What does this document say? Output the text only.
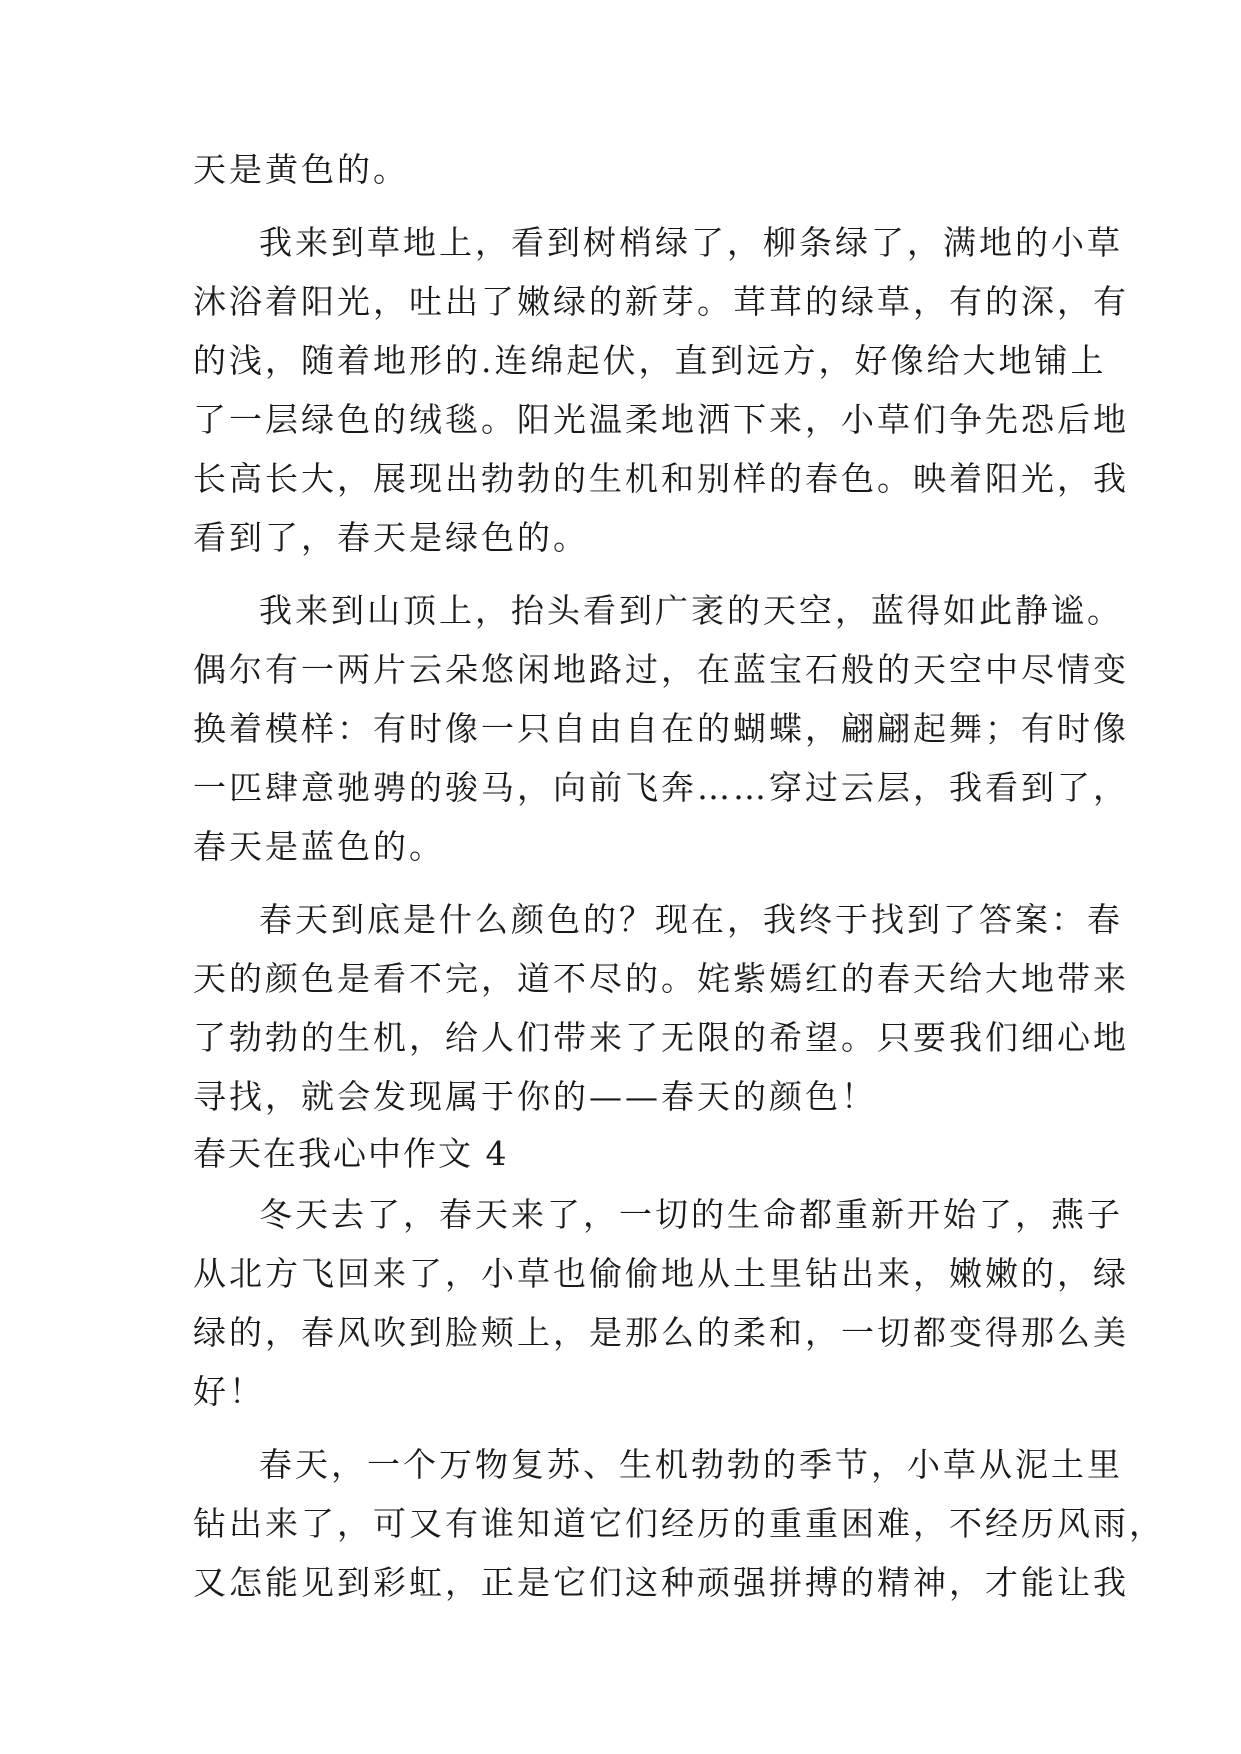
天是黄色的。
我来到草地上，看到树梢绿了，柳条绿了，满地的小草
沐浴着阳光，吐出了嫩绿的新芽。茸茸的绿草，有的深，有
的浅，随着地形的.连绵起伏，直到远方，好像给大地铺上
了一层绿色的绒毯。阳光温柔地洒下来，小草们争先恐后地
长高长大，展现出勃勃的生机和别样的春色。映着阳光，我
看到了，春天是绿色的。
我来到山顶上，抬头看到广袤的天空，蓝得如此静谧。
偶尔有一两片云朵悠闲地路过，在蓝宝石般的天空中尽情变
换着模样：有时像一只自由自在的蝴蝶，翩翩起舞；有时像
一匹肆意驰骋的骏马，向前飞奔……穿过云层，我看到了，
春天是蓝色的。
春天到底是什么颜色的？现在，我终于找到了答案：春
天的颜色是看不完，道不尽的。姹紫嫣红的春天给大地带来
了勃勃的生机，给人们带来了无限的希望。只要我们细心地
寻找，就会发现属于你的——春天的颜色！
春天在我心中作文 4
冬天去了，春天来了，一切的生命都重新开始了，燕子
从北方飞回来了，小草也偷偷地从土里钻出来，嫩嫩的，绿
绿的，春风吹到脸颊上，是那么的柔和，一切都变得那么美
好！
春天，一个万物复苏、生机勃勃的季节，小草从泥土里
钻出来了，可又有谁知道它们经历的重重困难，不经历风雨，
又怎能见到彩虹，正是它们这种顽强拼搏的精神，才能让我
